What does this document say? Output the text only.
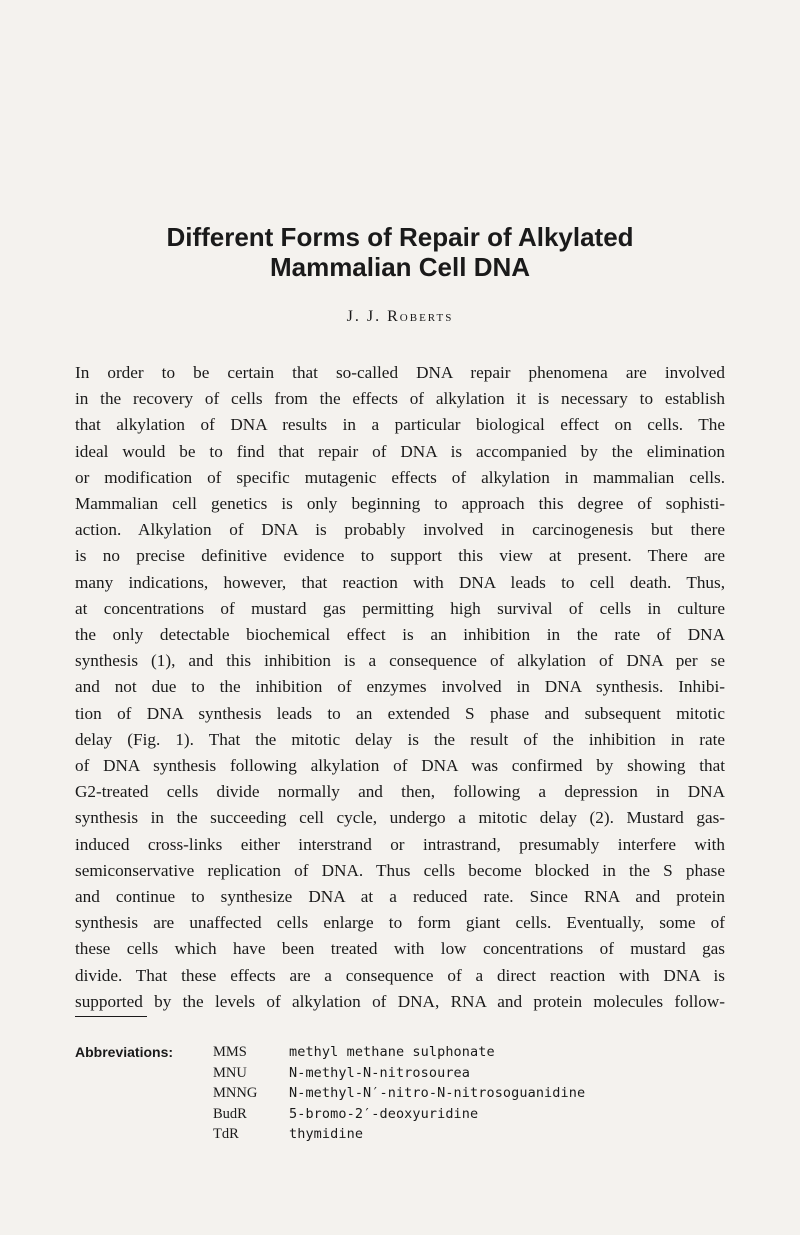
Different Forms of Repair of Alkylated
Mammalian Cell DNA
J. J. Roberts
In order to be certain that so-called DNA repair phenomena are involved
in the recovery of cells from the effects of alkylation it is necessary to establish
that alkylation of DNA results in a particular biological effect on cells. The
ideal would be to find that repair of DNA is accompanied by the elimination
or modification of specific mutagenic effects of alkylation in mammalian cells.
Mammalian cell genetics is only beginning to approach this degree of sophisti-
action. Alkylation of DNA is probably involved in carcinogenesis but there
is no precise definitive evidence to support this view at present. There are
many indications, however, that reaction with DNA leads to cell death. Thus,
at concentrations of mustard gas permitting high survival of cells in culture
the only detectable biochemical effect is an inhibition in the rate of DNA
synthesis (1), and this inhibition is a consequence of alkylation of DNA per se
and not due to the inhibition of enzymes involved in DNA synthesis. Inhibi-
tion of DNA synthesis leads to an extended S phase and subsequent mitotic
delay (Fig. 1). That the mitotic delay is the result of the inhibition in rate
of DNA synthesis following alkylation of DNA was confirmed by showing that
G2-treated cells divide normally and then, following a depression in DNA
synthesis in the succeeding cell cycle, undergo a mitotic delay (2). Mustard gas-
induced cross-links either interstrand or intrastrand, presumably interfere with
semiconservative replication of DNA. Thus cells become blocked in the S phase
and continue to synthesize DNA at a reduced rate. Since RNA and protein
synthesis are unaffected cells enlarge to form giant cells. Eventually, some of
these cells which have been treated with low concentrations of mustard gas
divide. That these effects are a consequence of a direct reaction with DNA is
supported by the levels of alkylation of DNA, RNA and protein molecules follow-
Abbreviations:	MMS	methyl methane sulphonate
MNU	N-methyl-N-nitrosourea
MNNG	N-methyl-N′-nitro-N-nitrosoguanidine
BudR	5-bromo-2′-deoxyuridine
TdR	thymidine
